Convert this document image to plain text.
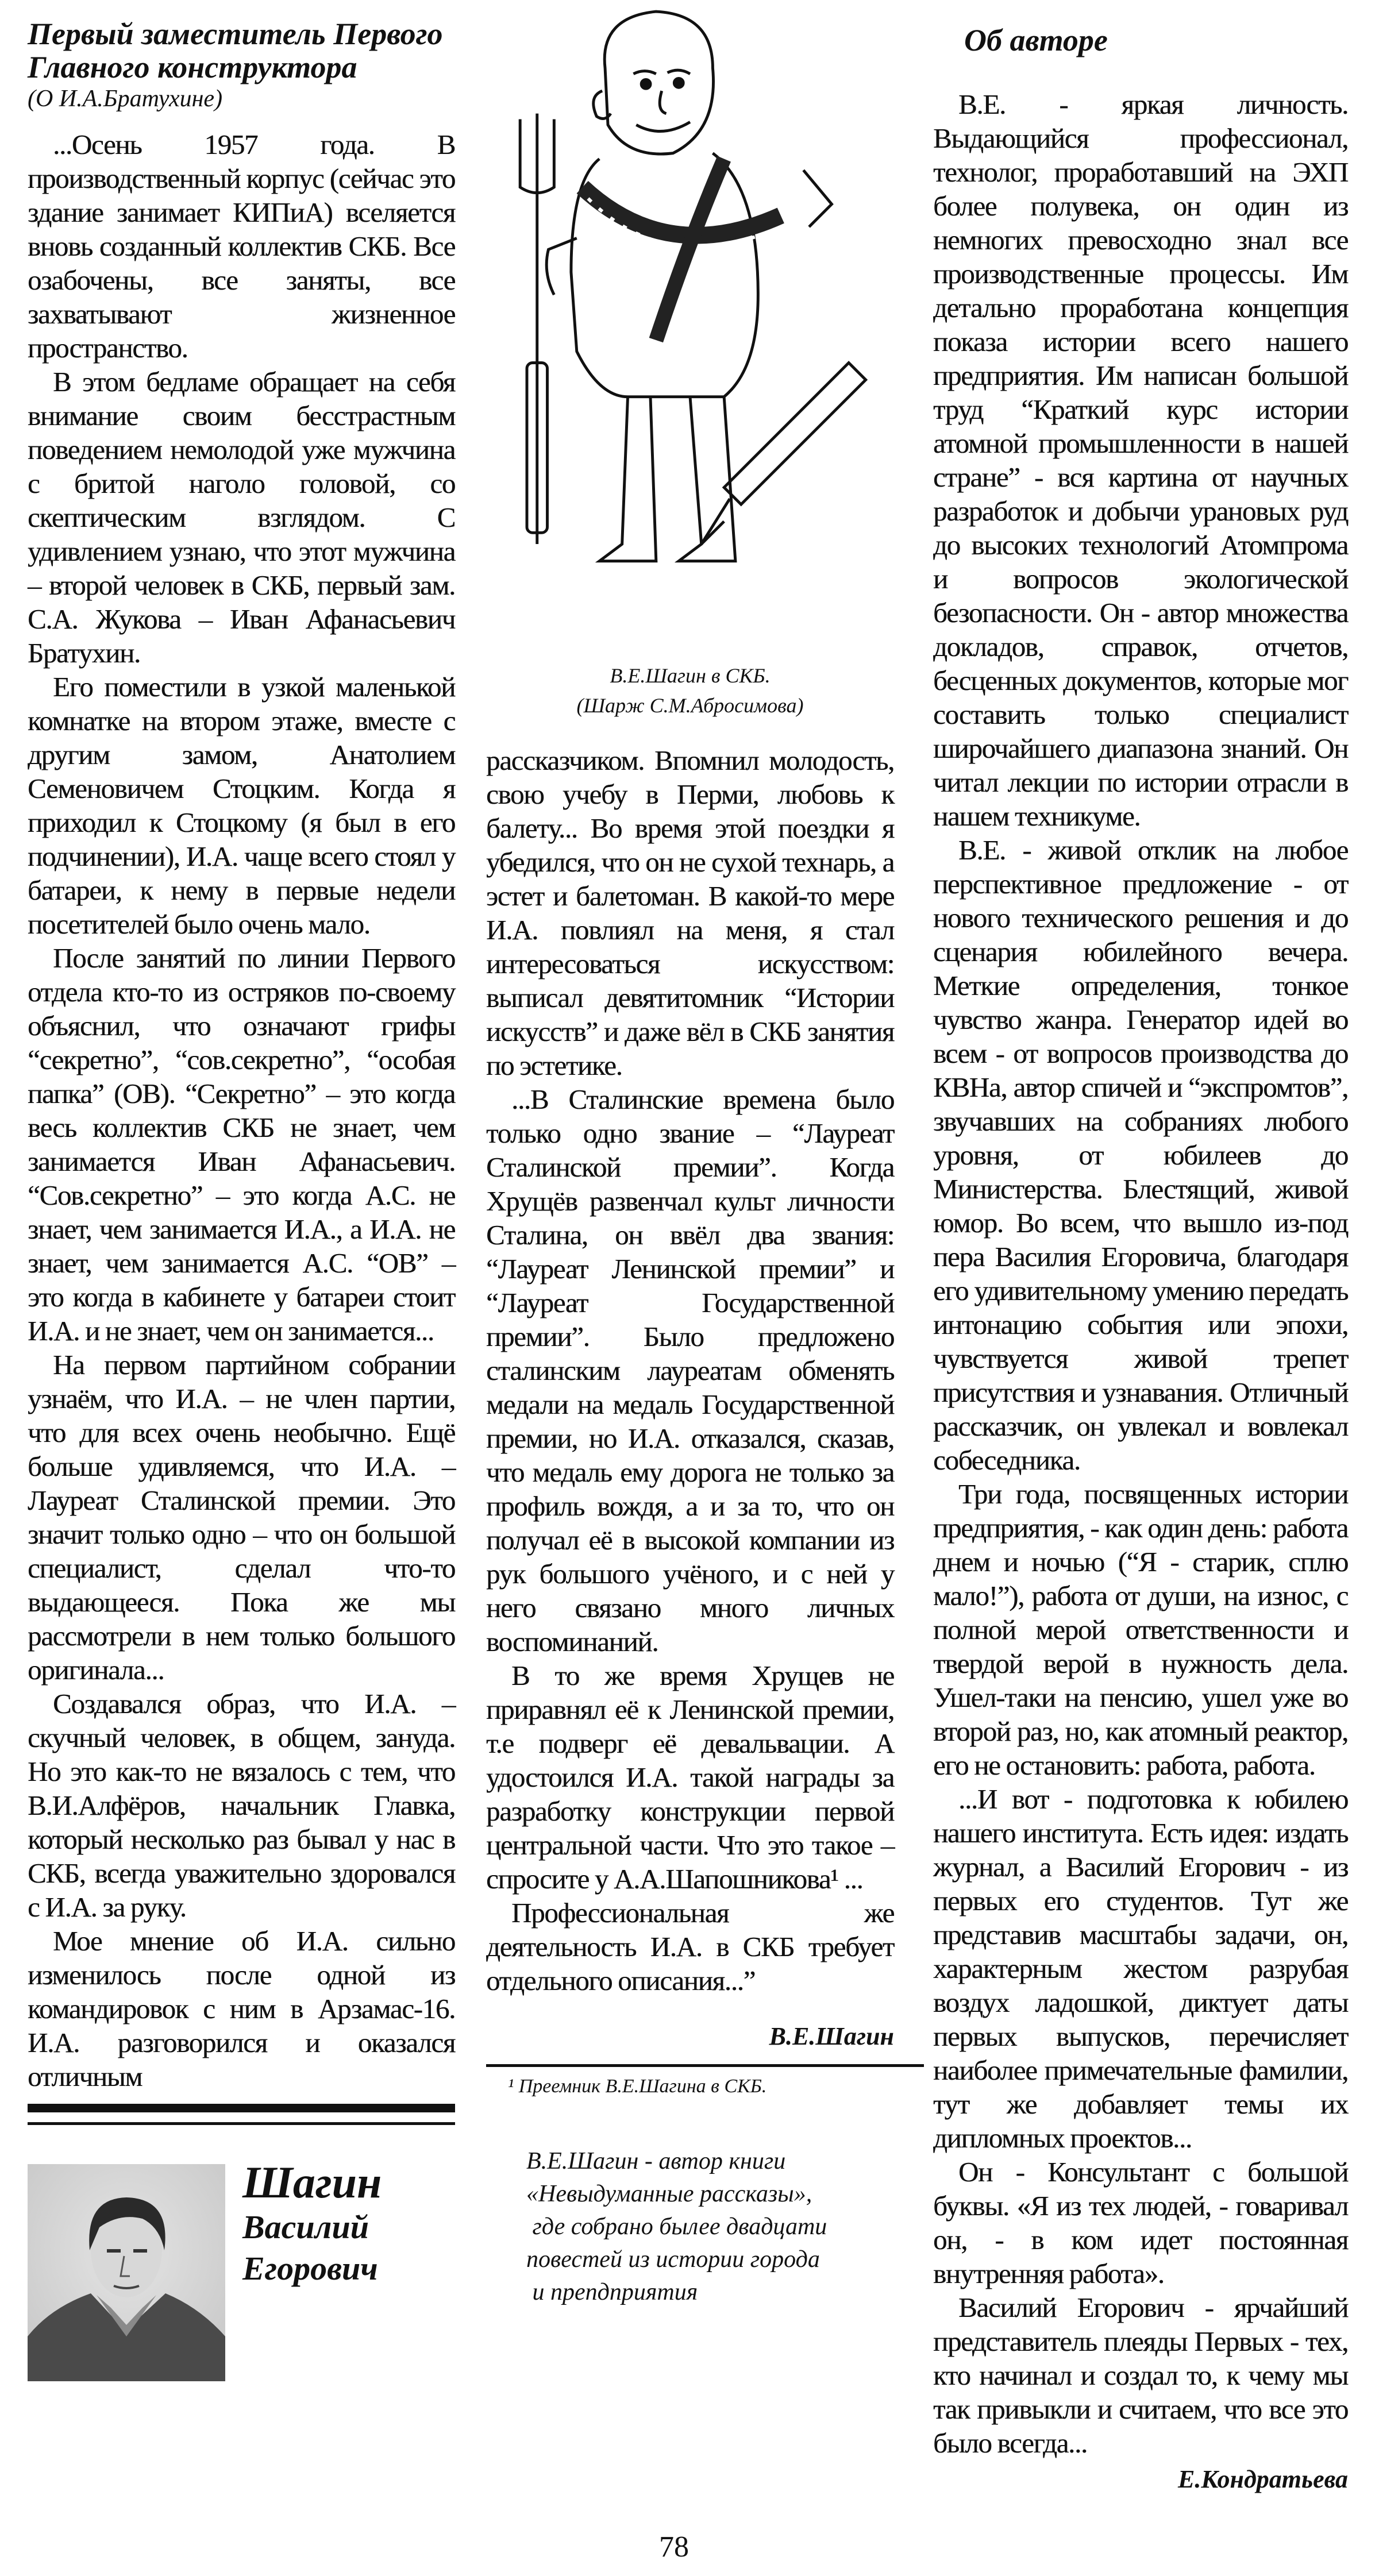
Первый заместитель Первого Главного конструктора
(О И.А.Братухине)

...Осень 1957 года. В производственный корпус (сейчас это здание занимает КИПиА) вселяется вновь созданный коллектив СКБ. Все озабочены, все заняты, все захватывают жизненное пространство.

В этом бедламе обращает на себя внимание своим бесстрастным поведением немолодой уже мужчина с бритой наголо головой, со скептическим взглядом. С удивлением узнаю, что этот мужчина – второй человек в СКБ, первый зам. С.А. Жукова – Иван Афанасьевич Братухин.

Его поместили в узкой маленькой комнатке на втором этаже, вместе с другим замом, Анатолием Семеновичем Стоцким. Когда я приходил к Стоцкому (я был в его подчинении), И.А. чаще всего стоял у батареи, к нему в первые недели посетителей было очень мало.

После занятий по линии Первого отдела кто-то из остряков по-своему объяснил, что означают грифы “секретно”, “сов.секретно”, “особая папка” (ОВ). “Секретно” – это когда весь коллектив СКБ не знает, чем занимается Иван Афанасьевич. “Сов.секретно” – это когда А.С. не знает, чем занимается И.А., а И.А. не знает, чем занимается А.С. “ОВ” – это когда в кабинете у батареи стоит И.А. и не знает, чем он занимается...

На первом партийном собрании узнаём, что И.А. – не член партии, что для всех очень необычно. Ещё больше удивляемся, что И.А. – Лауреат Сталинской премии. Это значит только одно – что он большой специалист, сделал что-то выдающееся. Пока же мы рассмотрели в нем только большого оригинала...

Создавался образ, что И.А. – скучный человек, в общем, зануда. Но это как-то не вязалось с тем, что В.И.Алфёров, начальник Главка, который несколько раз бывал у нас в СКБ, всегда уважительно здоровался с И.А. за руку.

Мое мнение об И.А. сильно изменилось после одной из командировок с ним в Арзамас-16. И.А. разговорился и оказался отличным

Шагин
Василий
Егорович
В.Е.Шагин в СКБ.
(Шарж С.М.Абросимова)

рассказчиком. Впомнил молодость, свою учебу в Перми, любовь к балету... Во время этой поездки я убедился, что он не сухой технарь, а эстет и балетоман. В какой-то мере И.А. повлиял на меня, я стал интересоваться искусством: выписал девятитомник “Истории искусств” и даже вёл в СКБ занятия по эстетике.

...В Сталинские времена было только одно звание – “Лауреат Сталинской премии”. Когда Хрущёв развенчал культ личности Сталина, он ввёл два звания: “Лауреат Ленинской премии” и “Лауреат Государственной премии”. Было предложено сталинским лауреатам обменять медали на медаль Государственной премии, но И.А. отказался, сказав, что медаль ему дорога не только за профиль вождя, а и за то, что он получал её в высокой компании из рук большого учёного, и с ней у него связано много личных воспоминаний.

В то же время Хрущев не приравнял её к Ленинской премии, т.е подверг её девальвации. А удостоился И.А. такой награды за разработку конструкции первой центральной части. Что это такое – спросите у А.А.Шапошникова¹ ...

Профессиональная же деятельность И.А. в СКБ требует отдельного описания...”

В.Е.Шагин
¹ Преемник В.Е.Шагина в СКБ.
В.Е.Шагин - автор книги
«Невыдуманные рассказы»,
где собрано былее двадцати
повестей из истории города
и препдприятия
Об авторе

В.Е. - яркая личность. Выдающийся профессионал, технолог, проработавший на ЭХП более полувека, он один из немногих превосходно знал все производственные процессы. Им детально проработана концепция показа истории всего нашего предприятия. Им написан большой труд “Краткий курс истории атомной промышленности в нашей стране” - вся картина от научных разработок и добычи урановых руд до высоких технологий Атомпрома и вопросов экологической безопасности. Он - автор множества докладов, справок, отчетов, бесценных документов, которые мог составить только специалист широчайшего диапазона знаний. Он читал лекции по истории отрасли в нашем техникуме.

В.Е. - живой отклик на любое перспективное предложение - от нового технического решения и до сценария юбилейного вечера. Меткие определения, тонкое чувство жанра. Генератор идей во всем - от вопросов производства до КВНа, автор спичей и “экспромтов”, звучавших на собраниях любого уровня, от юбилеев до Министерства. Блестящий, живой юмор. Во всем, что вышло из-под пера Василия Егоровича, благодаря его удивительному умению передать интонацию события или эпохи, чувствуется живой трепет присутствия и узнавания. Отличный рассказчик, он увлекал и вовлекал собеседника.

Три года, посвященных истории предприятия, - как один день: работа днем и ночью (“Я - старик, сплю мало!”), работа от души, на износ, с полной мерой ответственности и твердой верой в нужность дела. Ушел-таки на пенсию, ушел уже во второй раз, но, как атомный реактор, его не остановить: работа, работа.

...И вот - подготовка к юбилею нашего института. Есть идея: издать журнал, а Василий Егорович - из первых его студентов. Тут же представив масштабы задачи, он, характерным жестом разрубая воздух ладошкой, диктует даты первых выпусков, перечисляет наиболее примечательные фамилии, тут же добавляет темы их дипломных проектов...

Он - Консультант с большой буквы. «Я из тех людей, - говаривал он, - в ком идет постоянная внутренняя работа».

Василий Егорович - ярчайший представитель плеяды Первых - тех, кто начинал и создал то, к чему мы так привыкли и считаем, что все это было всегда...

Е.Кондратьева
78
